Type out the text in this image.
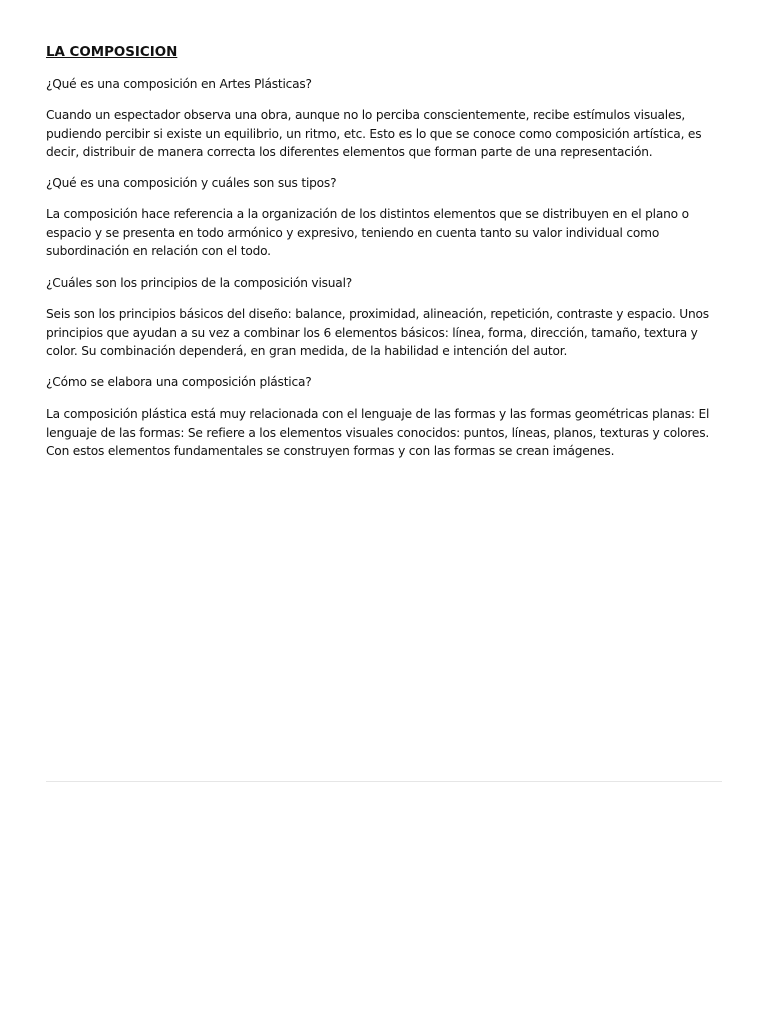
LA COMPOSICION

¿Qué es una composición en Artes Plásticas?

Cuando un espectador observa una obra, aunque no lo perciba conscientemente, recibe estímulos visuales, pudiendo percibir si existe un equilibrio, un ritmo, etc. Esto es lo que se conoce como composición artística, es decir, distribuir de manera correcta los diferentes elementos que forman parte de una representación.

¿Qué es una composición y cuáles son sus tipos?

La composición hace referencia a la organización de los distintos elementos que se distribuyen en el plano o espacio y se presenta en todo armónico y expresivo, teniendo en cuenta tanto su valor individual como subordinación en relación con el todo.

¿Cuáles son los principios de la composición visual?

Seis son los principios básicos del diseño: balance, proximidad, alineación, repetición, contraste y espacio. Unos principios que ayudan a su vez a combinar los 6 elementos básicos: línea, forma, dirección, tamaño, textura y color. Su combinación dependerá, en gran medida, de la habilidad e intención del autor.

¿Cómo se elabora una composición plástica?

La composición plástica está muy relacionada con el lenguaje de las formas y las formas geométricas planas: El lenguaje de las formas: Se refiere a los elementos visuales conocidos: puntos, líneas, planos, texturas y colores. Con estos elementos fundamentales se construyen formas y con las formas se crean imágenes.
